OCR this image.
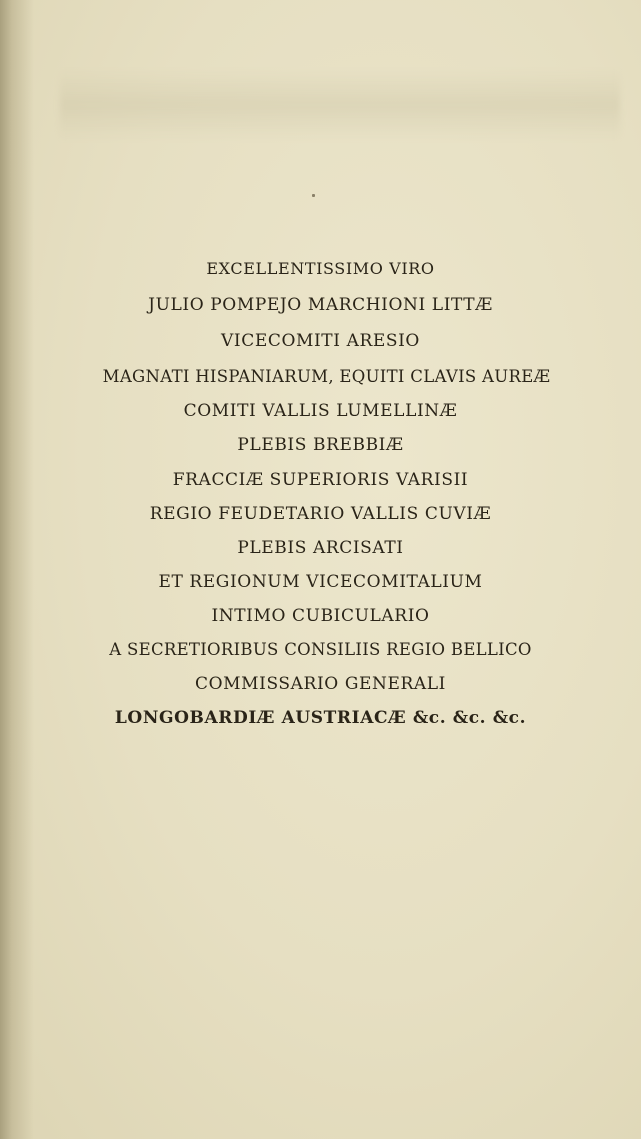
EXCELLENTISSIMO VIRO
JULIO POMPEJO MARCHIONI LITTÆ
VICECOMITI ARESIO
MAGNATI HISPANIARUM, EQUITI CLAVIS AUREÆ
COMITI VALLIS LUMELLINÆ
PLEBIS BREBBIÆ
FRACCIÆ SUPERIORIS VARISII
REGIO FEUDETARIO VALLIS CUVIÆ
PLEBIS ARCISATI
ET REGIONUM VICECOMITALIUM
INTIMO CUBICULARIO
A SECRETIORIBUS CONSILIIS REGIO BELLICO
COMMISSARIO GENERALI
LONGOBARDIÆ AUSTRIACÆ &c. &c. &c.
